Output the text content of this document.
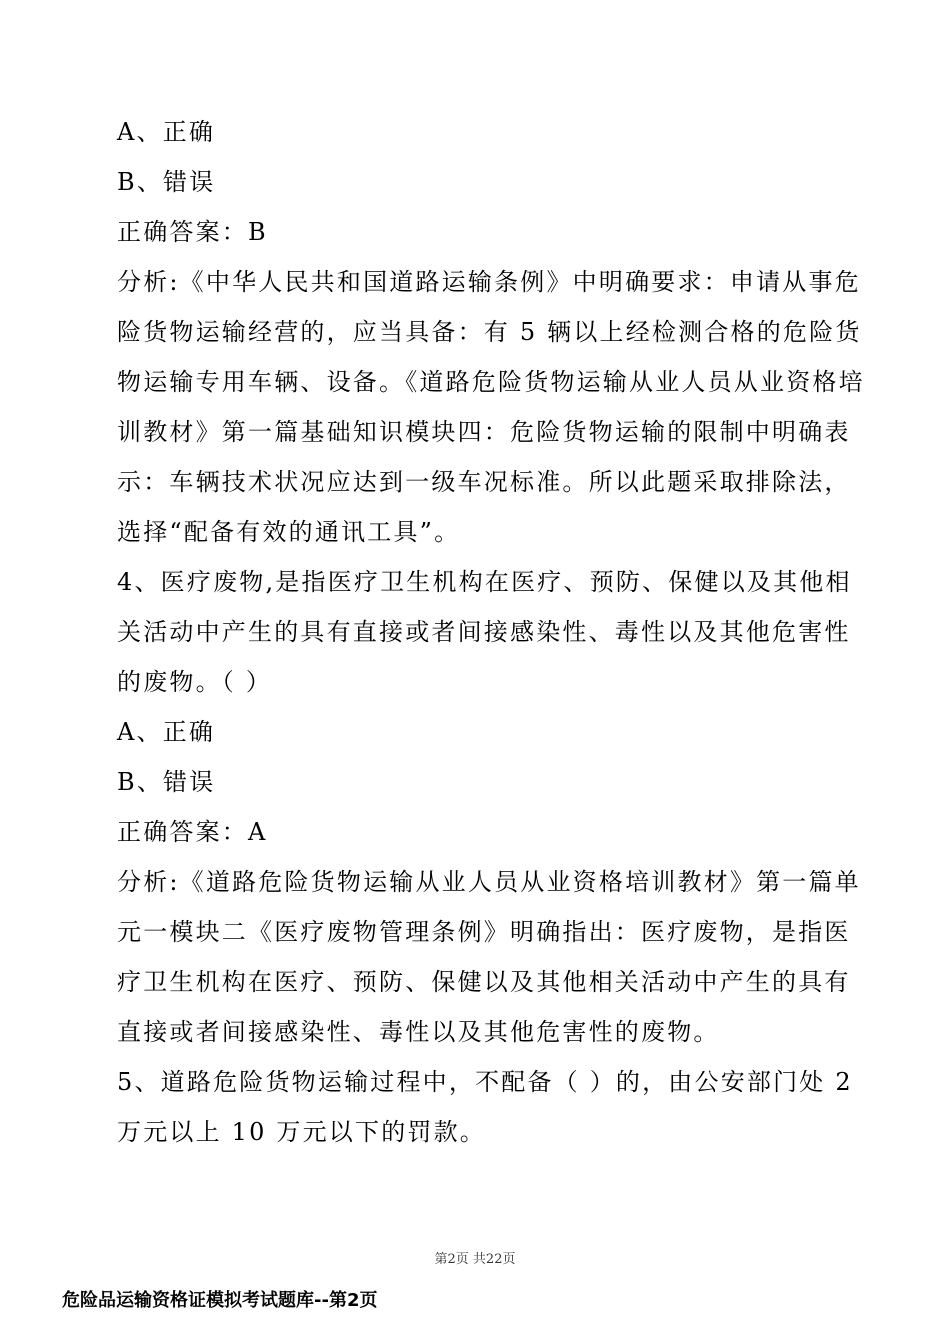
A、正确
B、错误
正确答案：B
分析:《中华人民共和国道路运输条例》中明确要求：申请从事危
险货物运输经营的，应当具备：有 5 辆以上经检测合格的危险货
物运输专用车辆、设备。《道路危险货物运输从业人员从业资格培
训教材》第一篇基础知识模块四：危险货物运输的限制中明确表
示：车辆技术状况应达到一级车况标准。所以此题采取排除法，
选择“配备有效的通讯工具”。
4、医疗废物,是指医疗卫生机构在医疗、预防、保健以及其他相
关活动中产生的具有直接或者间接感染性、毒性以及其他危害性
的废物。（ ）
A、正确
B、错误
正确答案：A
分析:《道路危险货物运输从业人员从业资格培训教材》第一篇单
元一模块二《医疗废物管理条例》明确指出：医疗废物，是指医
疗卫生机构在医疗、预防、保健以及其他相关活动中产生的具有
直接或者间接感染性、毒性以及其他危害性的废物。
5、道路危险货物运输过程中，不配备（ ）的，由公安部门处 2
万元以上 10 万元以下的罚款。
第2页 共22页
危险品运输资格证模拟考试题库--第2页
